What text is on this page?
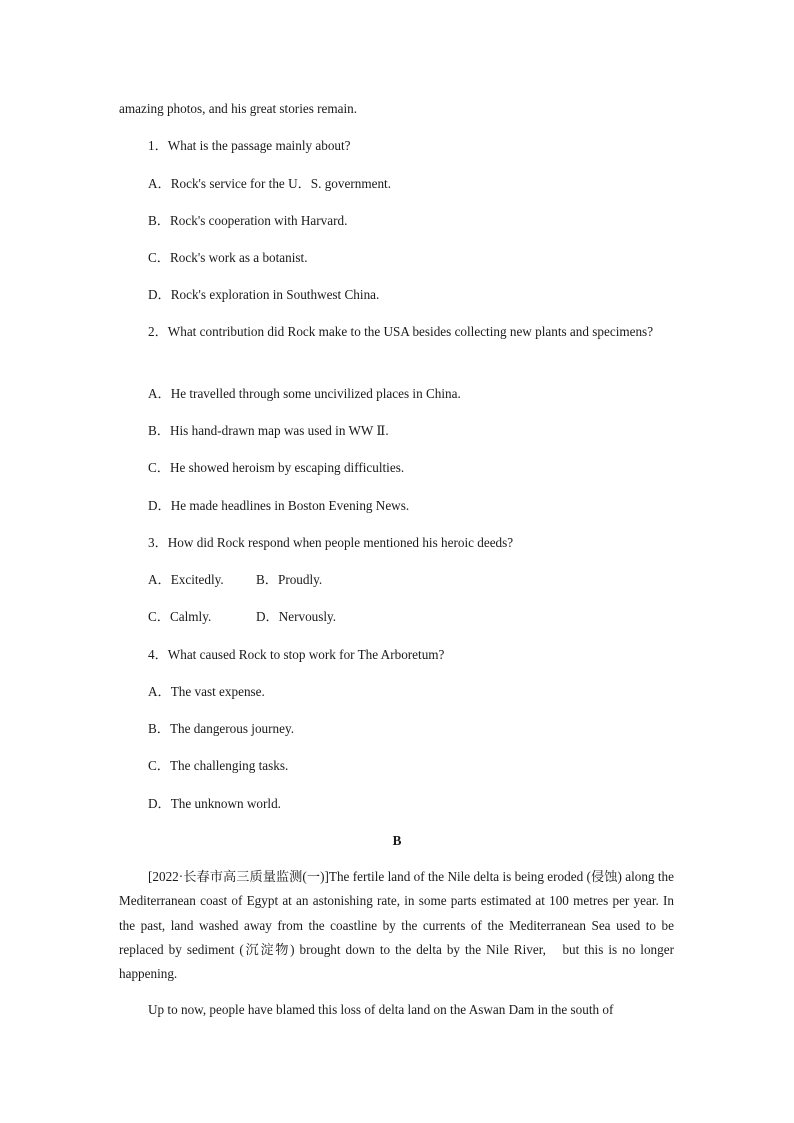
amazing photos, and his great stories remain.
1．What is the passage mainly about?
A．Rock's service for the U．S. government.
B．Rock's cooperation with Harvard.
C．Rock's work as a botanist.
D．Rock's exploration in Southwest China.
2．What contribution did Rock make to the USA besides collecting new plants and specimens?
A．He travelled through some uncivilized places in China.
B．His hand-drawn map was used in WW Ⅱ.
C．He showed heroism by escaping difficulties.
D．He made headlines in Boston Evening News.
3．How did Rock respond when people mentioned his heroic deeds?
A．Excitedly. B．Proudly.
C．Calmly.	D．Nervously.
4．What caused Rock to stop work for The Arboretum?
A．The vast expense.
B．The dangerous journey.
C．The challenging tasks.
D．The unknown world.
B
[2022·长春市高三质量监测(一)]The fertile land of the Nile delta is being eroded (侵蚀) along the Mediterranean coast of Egypt at an astonishing rate, in some parts estimated at 100 metres per year. In the past, land washed away from the coastline by the currents of the Mediterranean Sea used to be replaced by sediment (沉淀物) brought down to the delta by the Nile River,　but this is no longer happening.
Up to now, people have blamed this loss of delta land on the Aswan Dam in the south of
